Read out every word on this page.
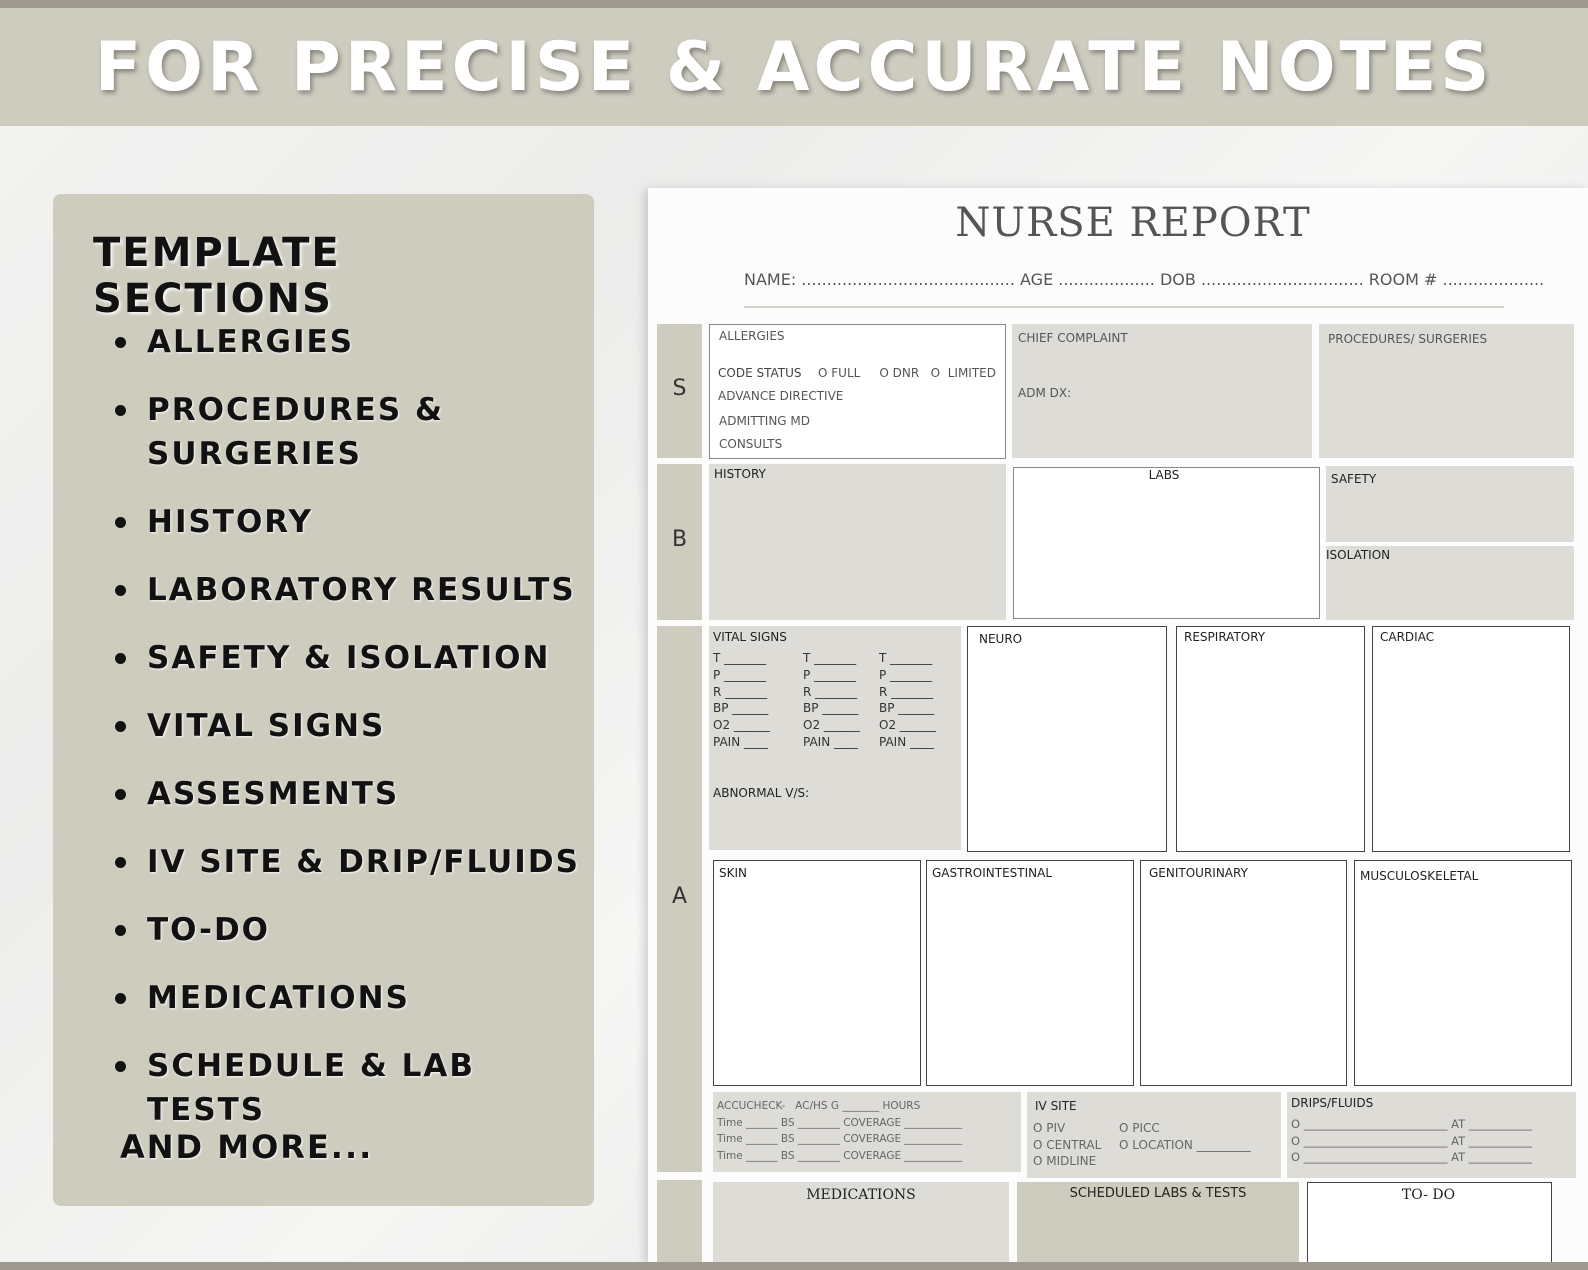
FOR PRECISE & ACCURATE NOTES
TEMPLATE SECTIONS
ALLERGIES
PROCEDURES & SURGERIES
HISTORY
LABORATORY RESULTS
SAFETY & ISOLATION
VITAL SIGNS
ASSESMENTS
IV SITE & DRIP/FLUIDS
TO-DO
MEDICATIONS
SCHEDULE & LAB TESTS
AND MORE...
NURSE REPORT
NAME: .......................................... AGE ................... DOB ................................ ROOM # ....................
S
B
A
ALLERGIES
CODE STATUS O FULL     O DNR   O  LIMITED
ADVANCE DIRECTIVE
ADMITTING MD
CONSULTS
CHIEF COMPLAINT
ADM DX:
PROCEDURES/ SURGERIES
HISTORY	LABS	SAFETY
ISOLATION
VITAL SIGNS
T _______
P _______
R _______
BP ______
O2 ______
PAIN ____
T _______
P _______
R _______
BP ______
O2 ______
PAIN ____
T _______
P _______
R _______
BP ______
O2 ______
PAIN ____
ABNORMAL V/S:
NEURO	RESPIRATORY	CARDIAC
SKIN	GASTROINTESTINAL	GENITOURINARY	MUSCULOSKELETAL
ACCUCHECK-   AC/HS G _______ HOURS
Time ______ BS ________ COVERAGE ___________
Time ______ BS ________ COVERAGE ___________
Time ______ BS ________ COVERAGE ___________
IV SITE
O PIV
O CENTRAL
O MIDLINE
O PICC
O LOCATION _________
DRIPS/FLUIDS
O _________________________ AT ___________
O _________________________ AT ___________
O _________________________ AT ___________
MEDICATIONS	SCHEDULED LABS & TESTS	TO- DO
